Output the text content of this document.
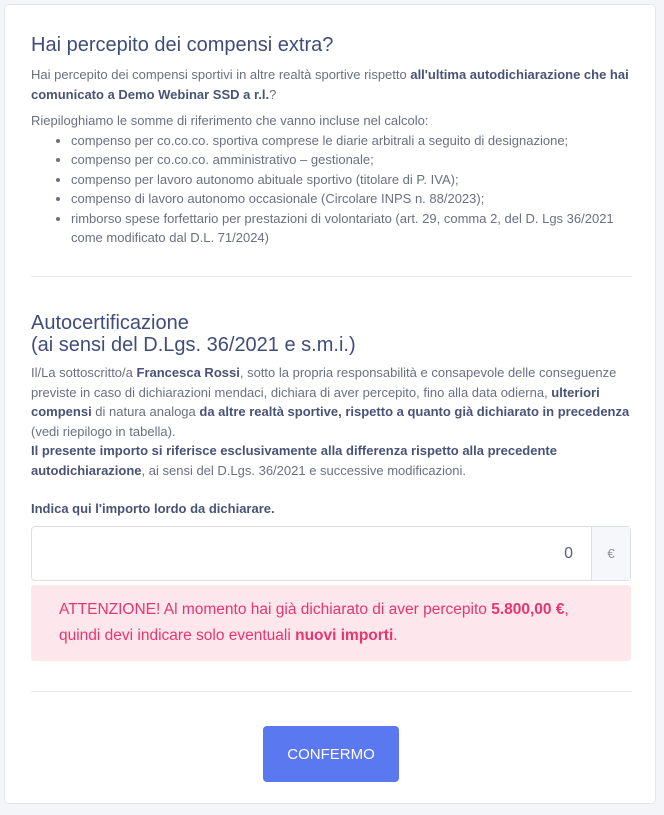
Hai percepito dei compensi extra?

Hai percepito dei compensi sportivi in altre realtà sportive rispetto all'ultima autodichiarazione che hai comunicato a Demo Webinar SSD a r.l.?

Riepiloghiamo le somme di riferimento che vanno incluse nel calcolo:

• compenso per co.co.co. sportiva comprese le diarie arbitrali a seguito di designazione;
• compenso per co.co.co. amministrativo – gestionale;
• compenso per lavoro autonomo abituale sportivo (titolare di P. IVA);
• compenso di lavoro autonomo occasionale (Circolare INPS n. 88/2023);
• rimborso spese forfettario per prestazioni di volontariato (art. 29, comma 2, del D. Lgs 36/2021 come modificato dal D.L. 71/2024)
Autocertificazione
(ai sensi del D.Lgs. 36/2021 e s.m.i.)

Il/La sottoscritto/a Francesca Rossi, sotto la propria responsabilità e consapevole delle conseguenze previste in caso di dichiarazioni mendaci, dichiara di aver percepito, fino alla data odierna, ulteriori compensi di natura analoga da altre realtà sportive, rispetto a quanto già dichiarato in precedenza (vedi riepilogo in tabella).
Il presente importo si riferisce esclusivamente alla differenza rispetto alla precedente autodichiarazione, ai sensi del D.Lgs. 36/2021 e successive modificazioni.

Indica qui l'importo lordo da dichiarare.
0
€
ATTENZIONE! Al momento hai già dichiarato di aver percepito 5.800,00 €, quindi devi indicare solo eventuali nuovi importi.
CONFERMO
